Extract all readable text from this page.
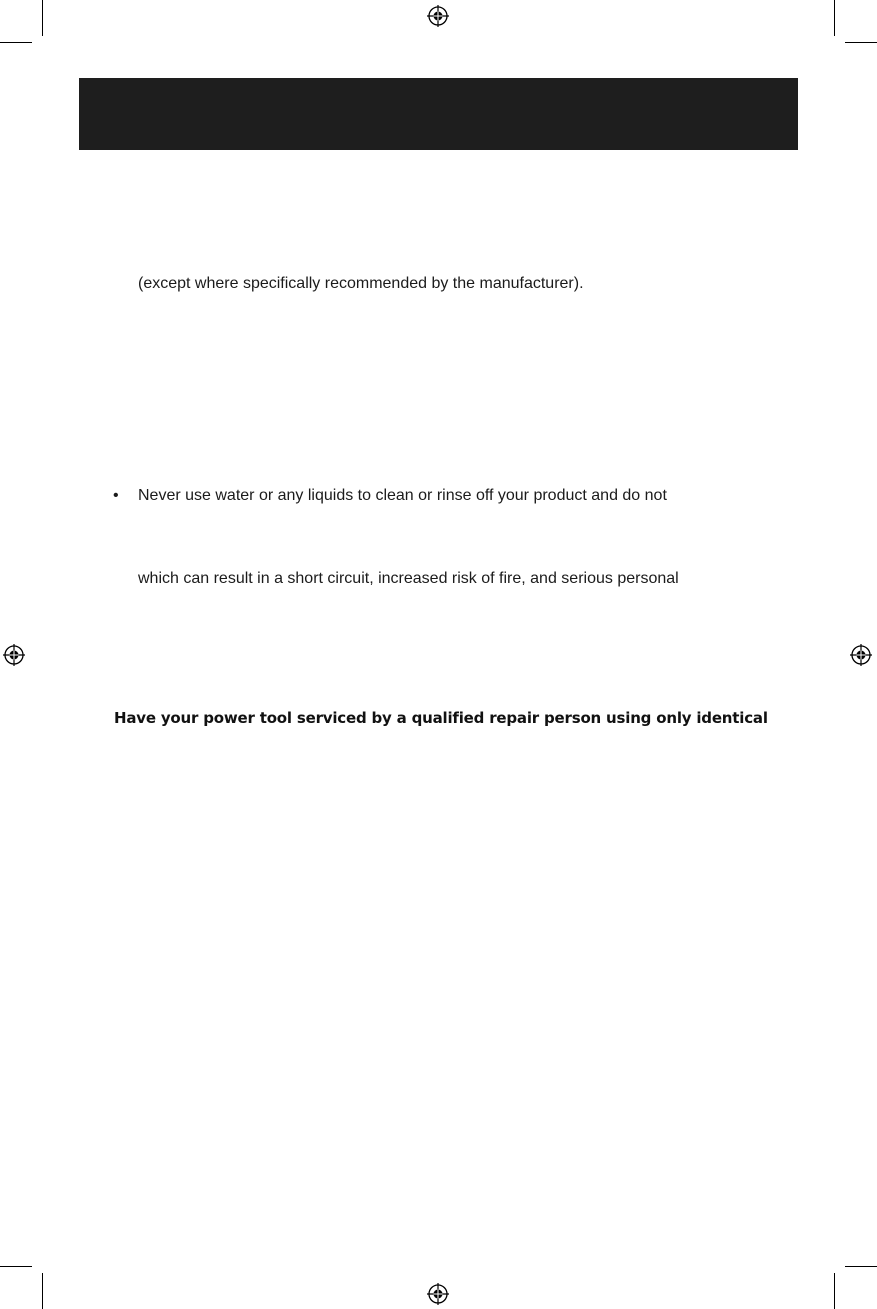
(except where specifically recommended by the manufacturer).
• Never use water or any liquids to clean or rinse off your product and do not
which can result in a short circuit, increased risk of fire, and serious personal
Have your power tool serviced by a qualified repair person using only identical
